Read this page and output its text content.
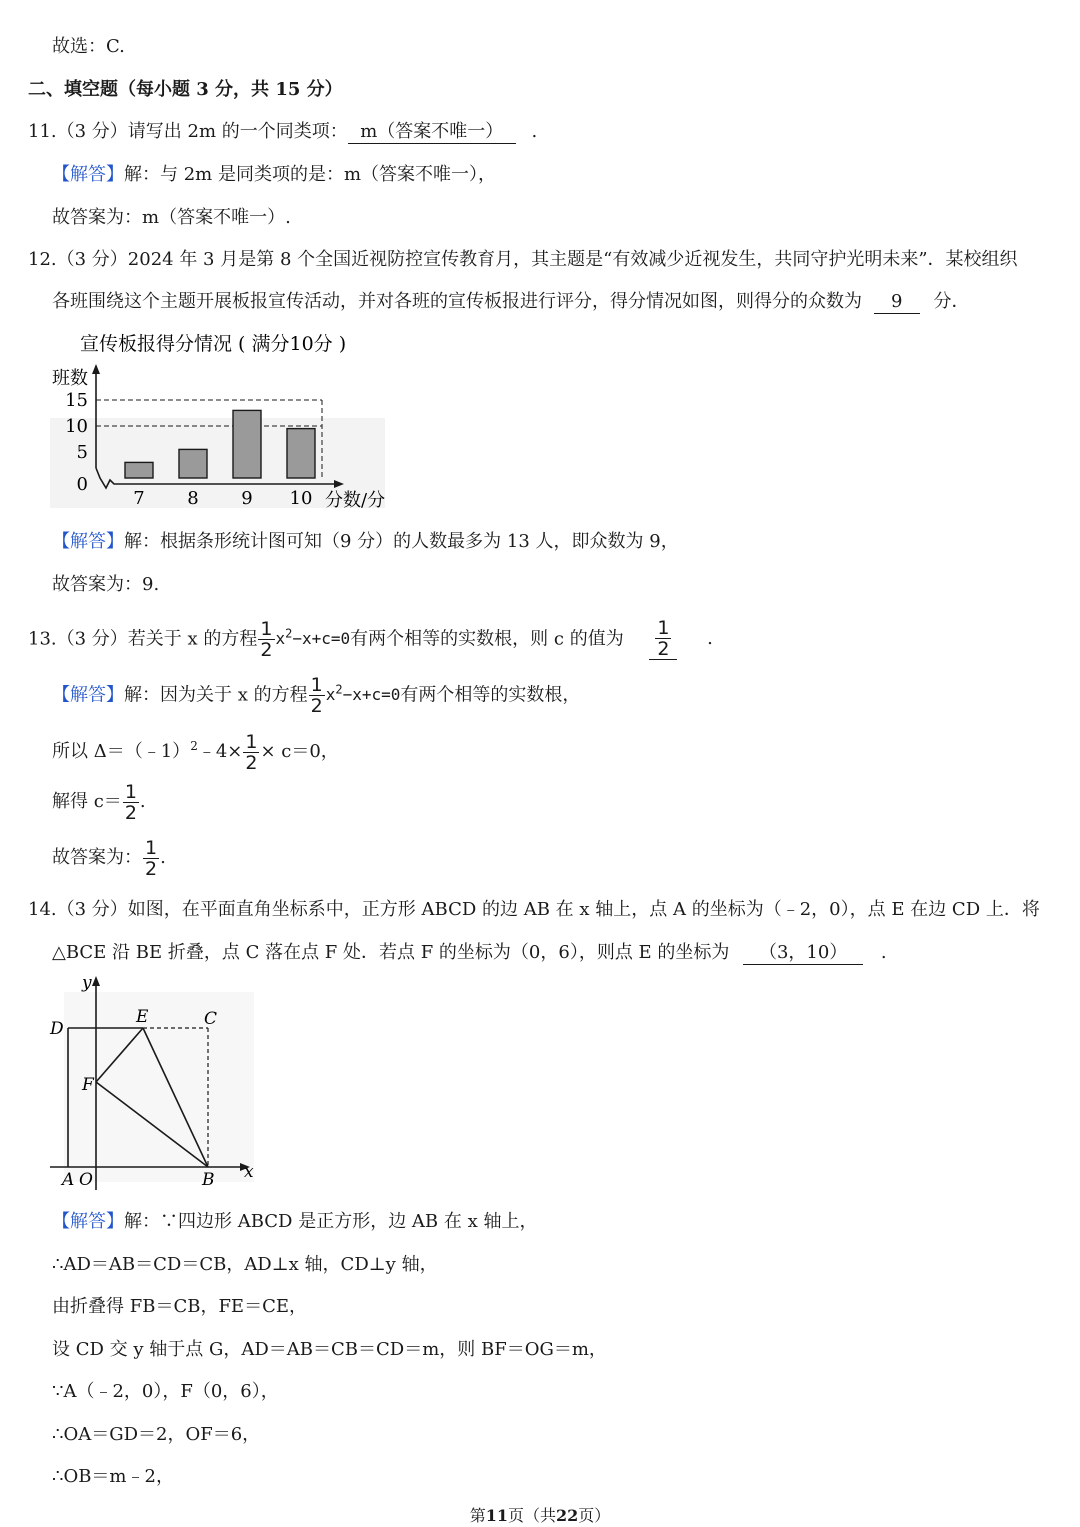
故选：C.
二、填空题（每小题 3 分，共 15 分）
11.（3 分）请写出 2m 的一个同类项： m（答案不唯一） .
【解答】解：与 2m 是同类项的是：m（答案不唯一），
故答案为：m（答案不唯一）.
12.（3 分）2024 年 3 月是第 8 个全国近视防控宣传教育月，其主题是“有效减少近视发生，共同守护光明未来”．某校组织
各班围绕这个主题开展板报宣传活动，并对各班的宣传板报进行评分，得分情况如图，则得分的众数为 9 分．
宣传板报得分情况 ( 满分10分 )
班数
分数/分
0
5
10
15
7 8 9 10
【解答】解：根据条形统计图可知（9 分）的人数最多为 13 人，即众数为 9，
故答案为：9.
13.（3 分）若关于 x 的方程 $\frac{1}{2} x^2-x+c=0$有两个相等的实数根，则 c 的值为 $\frac{1}{2}$ .
【解答】解：因为关于 x 的方程 $\frac{1}{2} x^2-x+c=0$有两个相等的实数根，
所以 Δ＝（﹣1）$^2$﹣4× $\frac{1}{2} \times c=0$，
解得 $c= \frac{1}{2}$ .
故答案为： $\frac{1}{2}$ .
14.（3 分）如图，在平面直角坐标系中，正方形 ABCD 的边 AB 在 x 轴上，点 A 的坐标为（﹣2，0），点 E 在边 CD 上．将
△BCE 沿 BE 折叠，点 C 落在点 F 处．若点 F 的坐标为（0，6），则点 E 的坐标为 （3，10） .
y
x
D
E	C
F
A O	B
【解答】解：∵四边形 ABCD 是正方形，边 AB 在 x 轴上，
∴AD＝AB＝CD＝CB，AD⊥x 轴，CD⊥y 轴，
由折叠得 FB＝CB，FE＝CE，
设 CD 交 y 轴于点 G，AD＝AB＝CB＝CD＝m，则 BF＝OG＝m，
∵A（﹣2，0），F（0，6），
∴OA＝GD＝2，OF＝6，
∴OB＝m﹣2，
第11页（共22页）
